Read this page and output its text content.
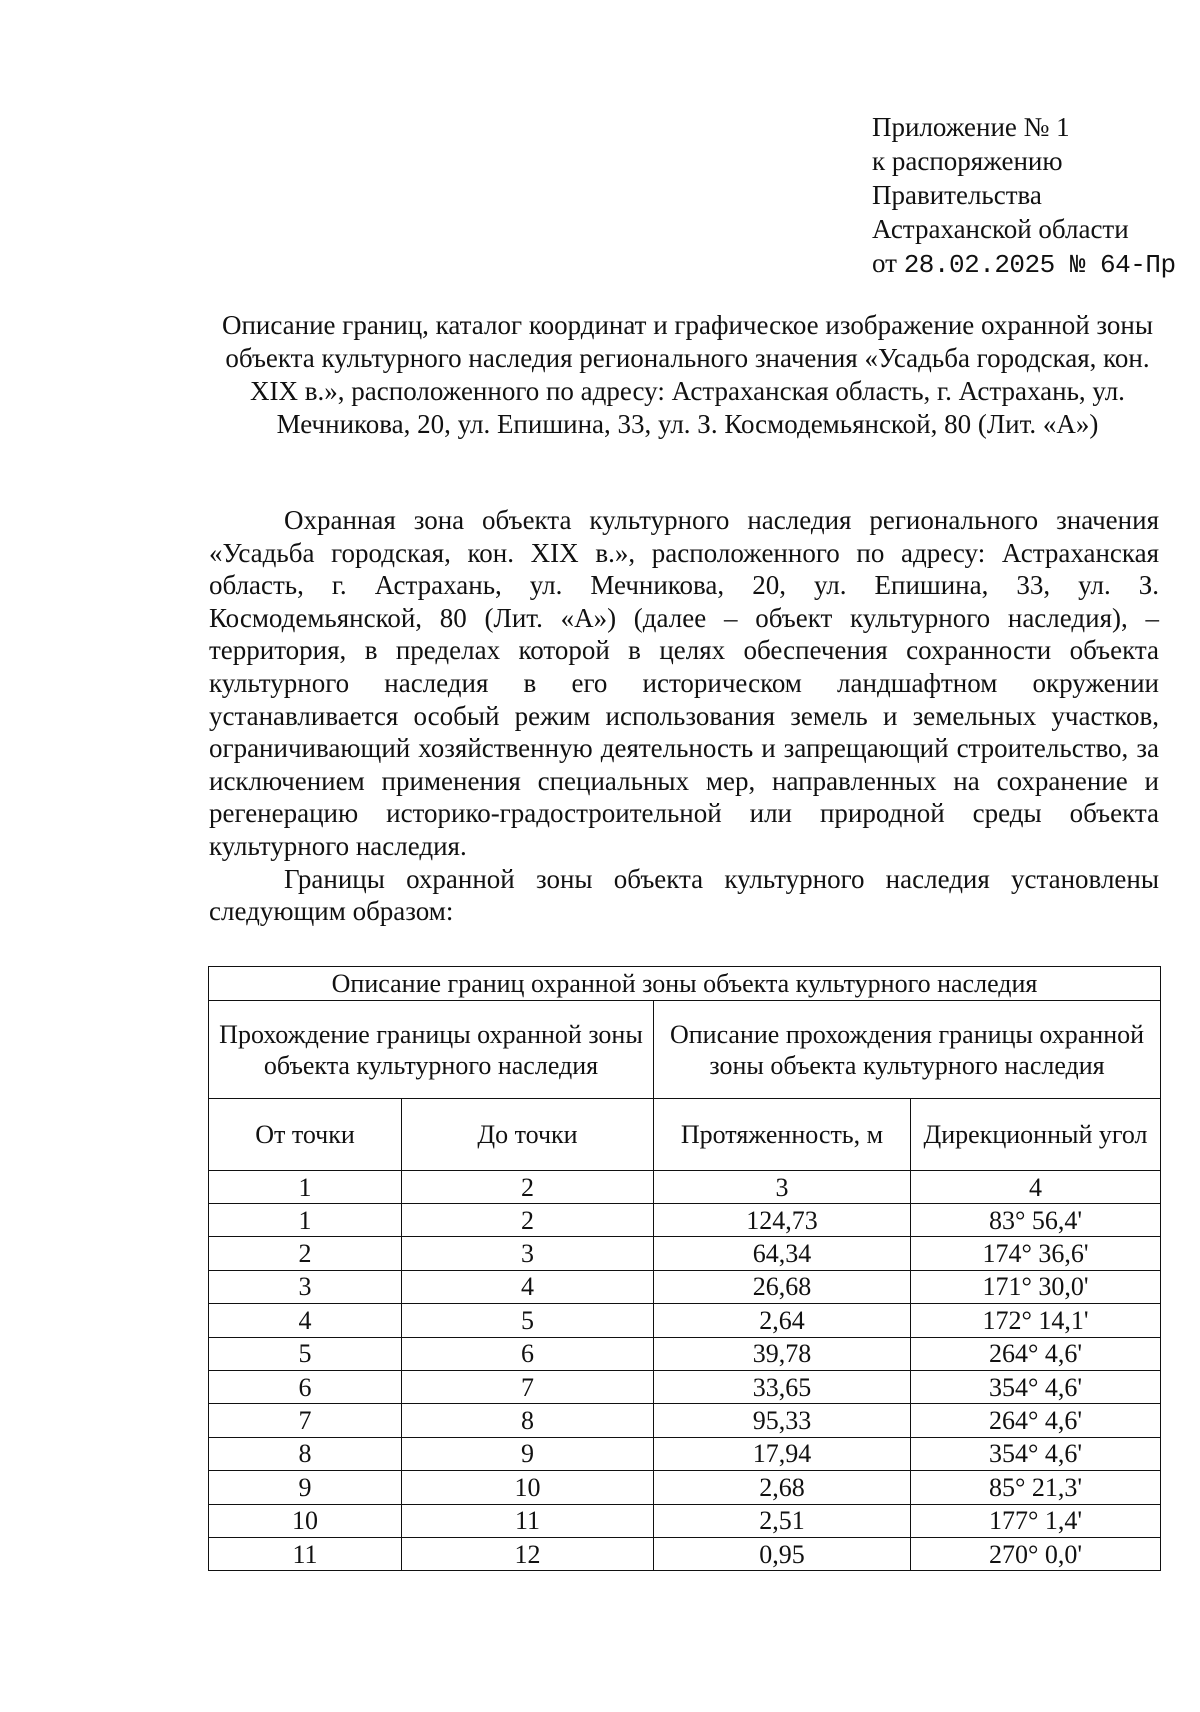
Приложение № 1
к распоряжению
Правительства
Астраханской области
от 28.02.2025 № 64-Пр
Описание границ, каталог координат и графическое изображение охранной зоны объекта культурного наследия регионального значения «Усадьба городская, кон. XIX в.», расположенного по адресу: Астраханская область, г. Астрахань, ул. Мечникова, 20, ул. Епишина, 33, ул. З. Космодемьянской, 80 (Лит. «А»)

Охранная зона объекта культурного наследия регионального значения «Усадьба городская, кон. XIX в.», расположенного по адресу: Астраханская область, г. Астрахань, ул. Мечникова, 20, ул. Епишина, 33, ул. З. Космодемьянской, 80 (Лит. «А») (далее – объект культурного наследия), – территория, в пределах которой в целях обеспечения сохранности объекта культурного наследия в его историческом ландшафтном окружении устанавливается особый режим использования земель и земельных участков, ограничивающий хозяйственную деятельность и запрещающий строительство, за исключением применения специальных мер, направленных на сохранение и регенерацию историко-градостроительной или природной среды объекта культурного наследия.

Границы охранной зоны объекта культурного наследия установлены следующим образом:

Описание границ охранной зоны объекта культурного наследия			
Прохождение границы охранной зоны объекта культурного наследия		Описание прохождения границы охранной зоны объекта культурного наследия	
От точки	До точки	Протяженность, м	Дирекционный угол
1	2	3	4
1	2	124,73	83° 56,4'
2	3	64,34	174° 36,6'
3	4	26,68	171° 30,0'
4	5	2,64	172° 14,1'
5	6	39,78	264° 4,6'
6	7	33,65	354° 4,6'
7	8	95,33	264° 4,6'
8	9	17,94	354° 4,6'
9	10	2,68	85° 21,3'
10	11	2,51	177° 1,4'
11	12	0,95	270° 0,0'
